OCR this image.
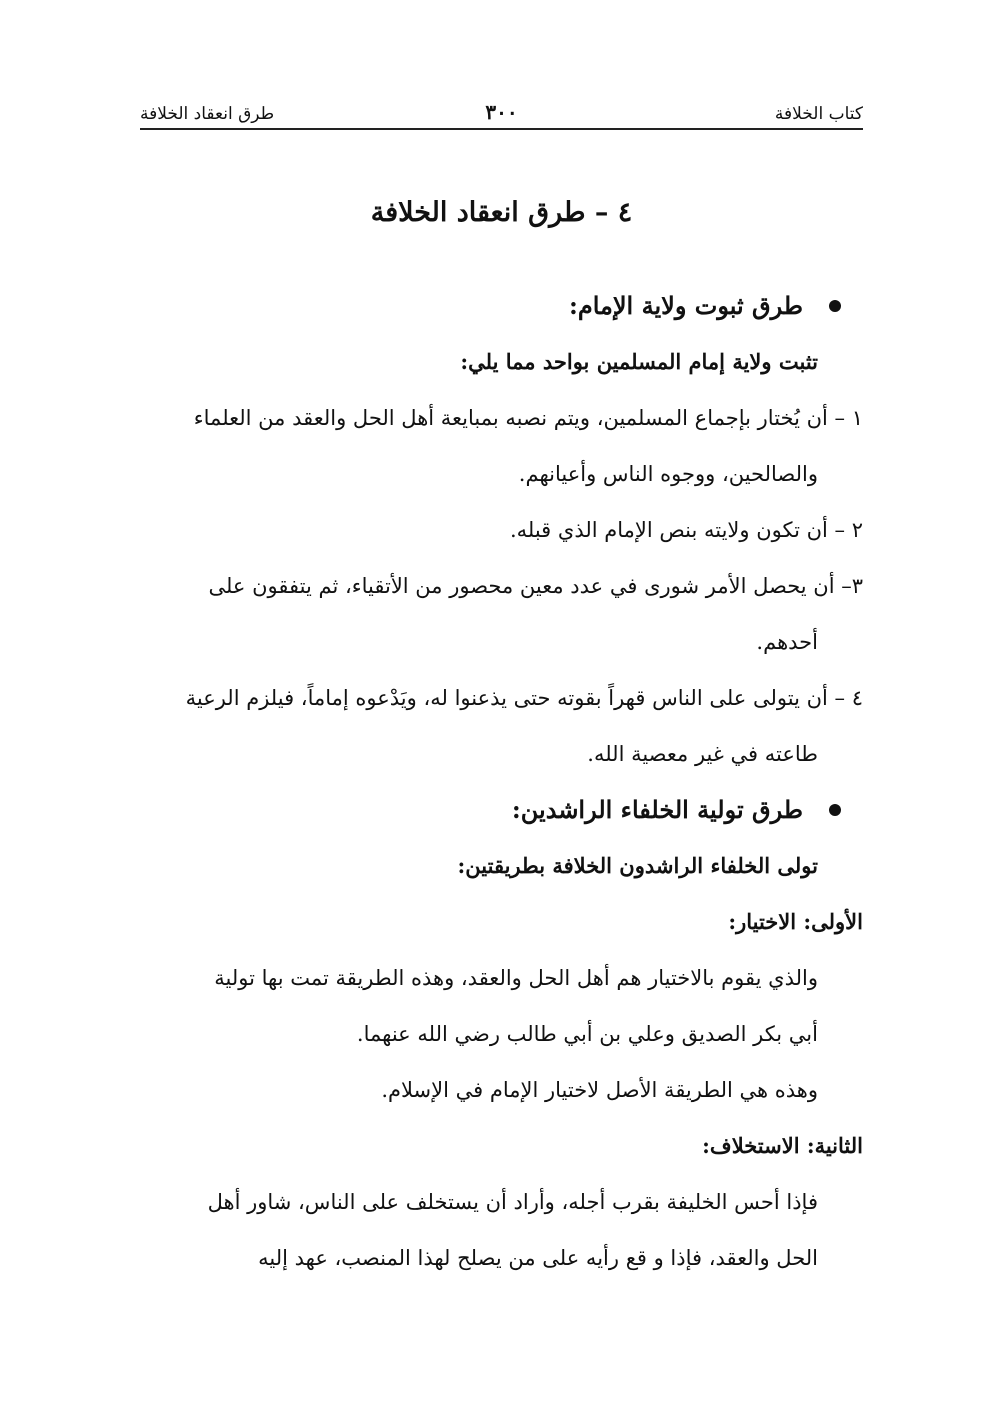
كتاب الخلافة
٣٠٠
طرق انعقاد الخلافة
٤ – طرق انعقاد الخلافة
طرق ثبوت ولاية الإمام:
تثبت ولاية إمام المسلمين بواحد مما يلي:
١ – أن يُختار بإجماع المسلمين، ويتم نصبه بمبايعة أهل الحل والعقد من العلماء
والصالحين، ووجوه الناس وأعيانهم.
٢ – أن تكون ولايته بنص الإمام الذي قبله.
٣– أن يحصل الأمر شورى في عدد معين محصور من الأتقياء، ثم يتفقون على
أحدهم.
٤ – أن يتولى على الناس قهراً بقوته حتى يذعنوا له، ويَدْعوه إماماً، فيلزم الرعية
طاعته في غير معصية الله.
طرق تولية الخلفاء الراشدين:
تولى الخلفاء الراشدون الخلافة بطريقتين:
الأولى: الاختيار:
والذي يقوم بالاختيار هم أهل الحل والعقد، وهذه الطريقة تمت بها تولية
أبي بكر الصديق وعلي بن أبي طالب رضي الله عنهما.
وهذه هي الطريقة الأصل لاختيار الإمام في الإسلام.
الثانية: الاستخلاف:
فإذا أحس الخليفة بقرب أجله، وأراد أن يستخلف على الناس، شاور أهل
الحل والعقد، فإذا و قع رأيه على من يصلح لهذا المنصب، عهد إليه
